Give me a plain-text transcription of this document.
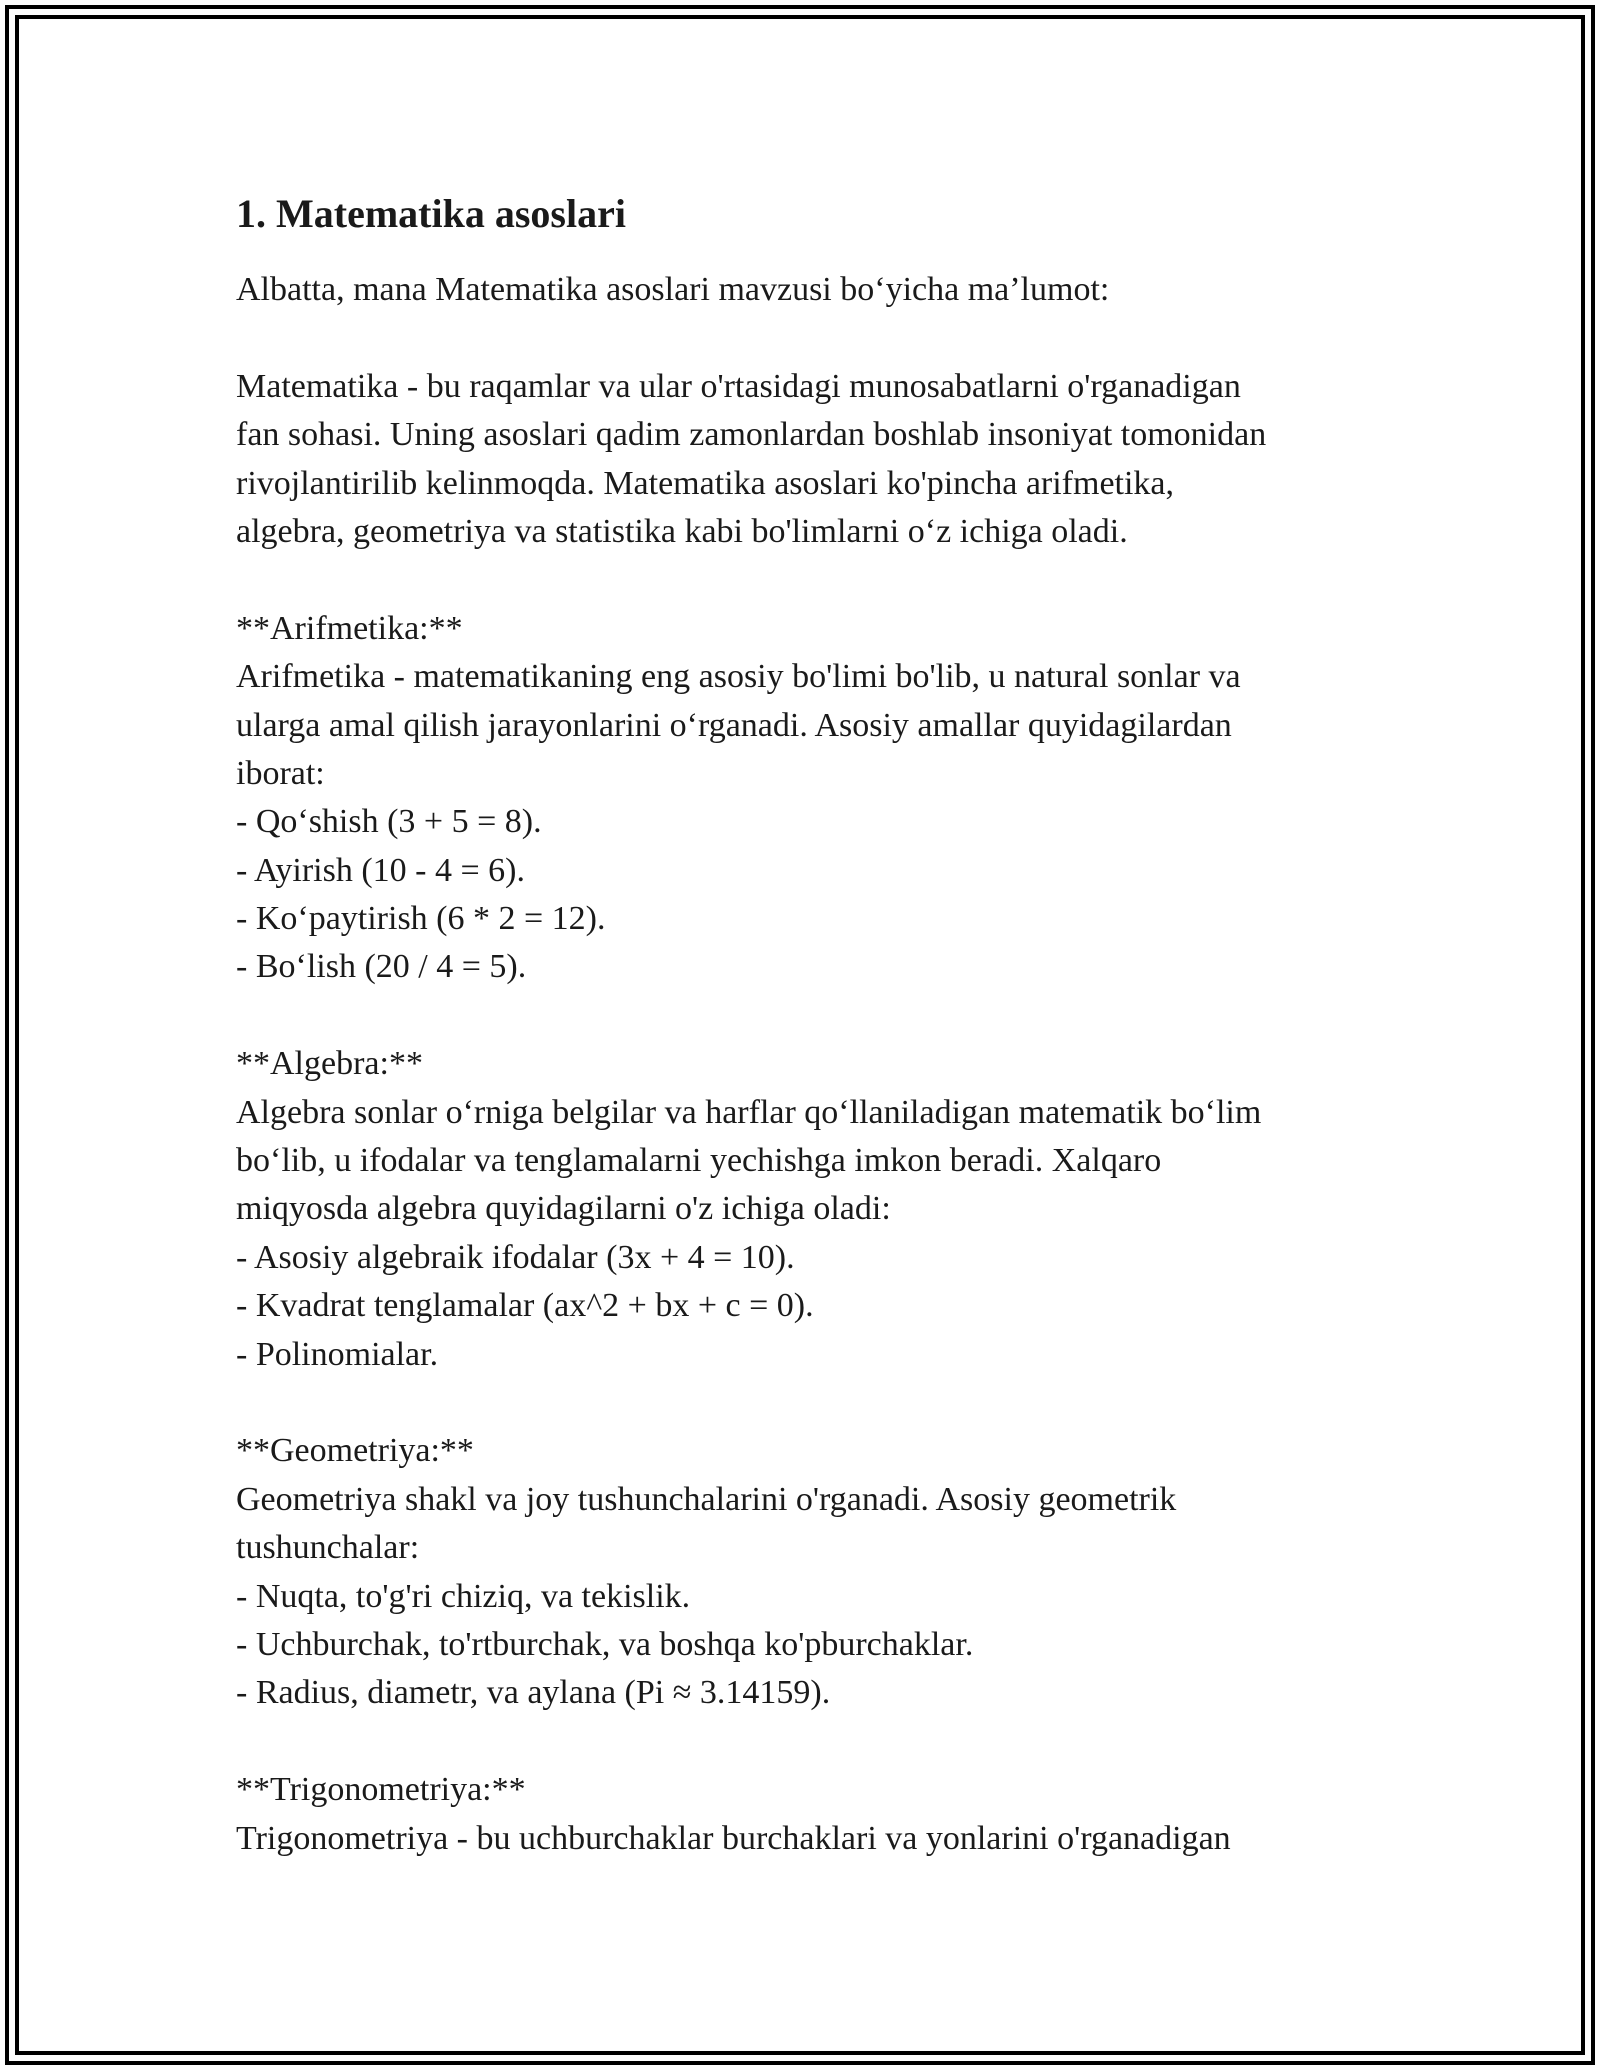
1. Matematika asoslari
Albatta, mana Matematika asoslari mavzusi bo‘yicha ma’lumot:
Matematika - bu raqamlar va ular o'rtasidagi munosabatlarni o'rganadigan
fan sohasi. Uning asoslari qadim zamonlardan boshlab insoniyat tomonidan
rivojlantirilib kelinmoqda. Matematika asoslari ko'pincha arifmetika,
algebra, geometriya va statistika kabi bo'limlarni o‘z ichiga oladi.
**Arifmetika:**
Arifmetika - matematikaning eng asosiy bo'limi bo'lib, u natural sonlar va
ularga amal qilish jarayonlarini o‘rganadi. Asosiy amallar quyidagilardan
iborat:
- Qo‘shish (3 + 5 = 8).
- Ayirish (10 - 4 = 6).
- Ko‘paytirish (6 * 2 = 12).
- Bo‘lish (20 / 4 = 5).
**Algebra:**
Algebra sonlar o‘rniga belgilar va harflar qo‘llaniladigan matematik bo‘lim
bo‘lib, u ifodalar va tenglamalarni yechishga imkon beradi. Xalqaro
miqyosda algebra quyidagilarni o'z ichiga oladi:
- Asosiy algebraik ifodalar (3x + 4 = 10).
- Kvadrat tenglamalar (ax^2 + bx + c = 0).
- Polinomialar.
**Geometriya:**
Geometriya shakl va joy tushunchalarini o'rganadi. Asosiy geometrik
tushunchalar:
- Nuqta, to'g'ri chiziq, va tekislik.
- Uchburchak, to'rtburchak, va boshqa ko'pburchaklar.
- Radius, diametr, va aylana (Pi ≈ 3.14159).
**Trigonometriya:**
Trigonometriya - bu uchburchaklar burchaklari va yonlarini o'rganadigan
